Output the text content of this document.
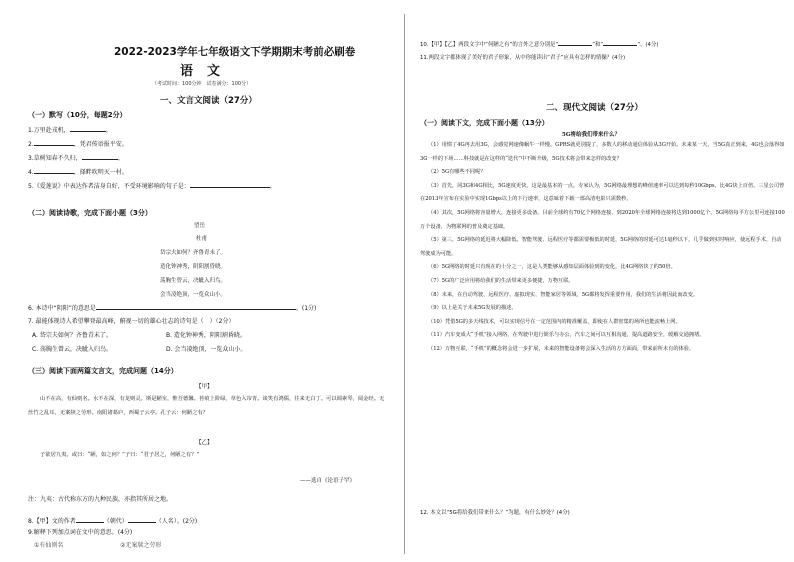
2022-2023学年七年级语文下学期期末考前必刷卷
语文
（考试时间：100分钟　试卷满分：100分）
一、文言文阅读（27分）
（一）默写（10分，每题2分）
1.万里赴戎机，	。
2.	，凭君传语报平安。
3.草树知春不久归，	。
4.	，择畔吹明灭一村。
5.《爱莲说》中表达作者洁身自好，不受环境影响的句子是：	。
（二）阅读诗歌，完成下面小题（3分）
望岳
杜甫
岱宗夫如何？齐鲁青未了。
造化钟神秀，阴阳割昏晓。
荡胸生曾云，决眦入归鸟。
会当凌绝顶，一览众山小。
6. 本诗中“阴阳”的意思是	。(1分)
7. 最能体现诗人希望攀登最高峰，俯视一切的雄心壮志的诗句是（　）（2分）
A. 岱宗夫如何？齐鲁青未了。	B. 造化钟神秀，阴阳割昏晓。
C. 荡胸生曾云，决眦入归鸟。	D. 会当凌绝顶，一览众山小。
（三）阅读下面两篇文言文，完成问题（14分）
【甲】
山不在高，有仙则名。水不在深，有龙则灵。斯是陋室，惟吾德馨。苔痕上阶绿，草色入帘青。谈笑有鸿儒，往来无白丁。可以调素琴，阅金经。无丝竹之乱耳，无案牍之劳形。南阳诸葛庐，西蜀子云亭。孔子云：何陋之有？
【乙】
子欲居九夷。或曰：“陋，如之何？”子曰：“君子居之，何陋之有？”
——选自《论语子罕》
注：九夷：古代称东方的九种民族，亦指其所居之地。
8.【甲】文的作者	（朝代）	（人名）。(2分)
9.解释下列加点词在文中的意思。(4分)
①有仙则名	②无案牍之劳形
10.【甲】【乙】两段文字中“何陋之有”的言外之意分别是“	”和“	”。(4分)
11.两段文字都体现了美好的君子形象，从中你能读出“君子”应具有怎样的情操？(4分)
二、现代文阅读（27分）
（一）阅读下文，完成下面小题（13分）
5G将给我们带来什么？
（1）用惯了4G再去用3G，会感觉网速像蜗牛一样慢。GPRS就更别提了，多数人的移动通信体验从3G开始。未来某一天，当5G真正到来，4G也会落得如3G一样的下场……科技就是在这样的“迭代”中不断升级，5G技术将会带来怎样的改变？
（2）5G有哪些不同呢？
（3）首先，同3G和4G相比，5G速度更快，这是最基本的一点。专家认为，5G网络最理想的峰值速率可以达到每秒10Gbps，比4G快上百倍。三星公司曾在2013年宣布在实验中实现1Gbps以上的下行速率，这意味着下载一部高清电影只需数秒。
（4）其次，5G网络将容量增大，连接更多设备。目前全球约有70亿个网络连接，到2020年全球网络连接将达到1000亿个。5G网络每平方公里可连接100万个设备，为物联网的普及奠定基础。
（5）第三，5G网络的延迟将大幅降低。智能驾驶、远程医疗等都需要极低的时延，5G网络的时延可达1毫秒以下，几乎做到实时响应，使远程手术、自动驾驶成为可能。
（6）5G网络的时延只有现在的十分之一，这是人类能够从感知层面体验到的变化，比4G网络快了约50倍。
（7）5G的广泛应用将给我们的生活带来更多便捷，万物互联。
（8）未来，在自动驾驶、远程医疗、虚拟现实、智能家居等领域，5G都将发挥重要作用，我们的生活将因此而改变。
（9）以上是关于未来5G发展的描述。
（10）凭借5G的多天线技术，可以实现信号在一定范围内的精准覆盖，即使在人群密集的场所也能流畅上网。
（11）汽车变成大“手机”接入网络，在驾驶中进行娱乐与办公，汽车之间可以互相沟通，提高道路安全，缓解交通拥堵。
（12）万物互联，“手机”的概念将会进一步扩展，未来的智能设备将会深入生活的方方面面，带来前所未有的体验。
12. 本文以“5G将给我们带来什么？”为题，有什么妙处？(4分)
